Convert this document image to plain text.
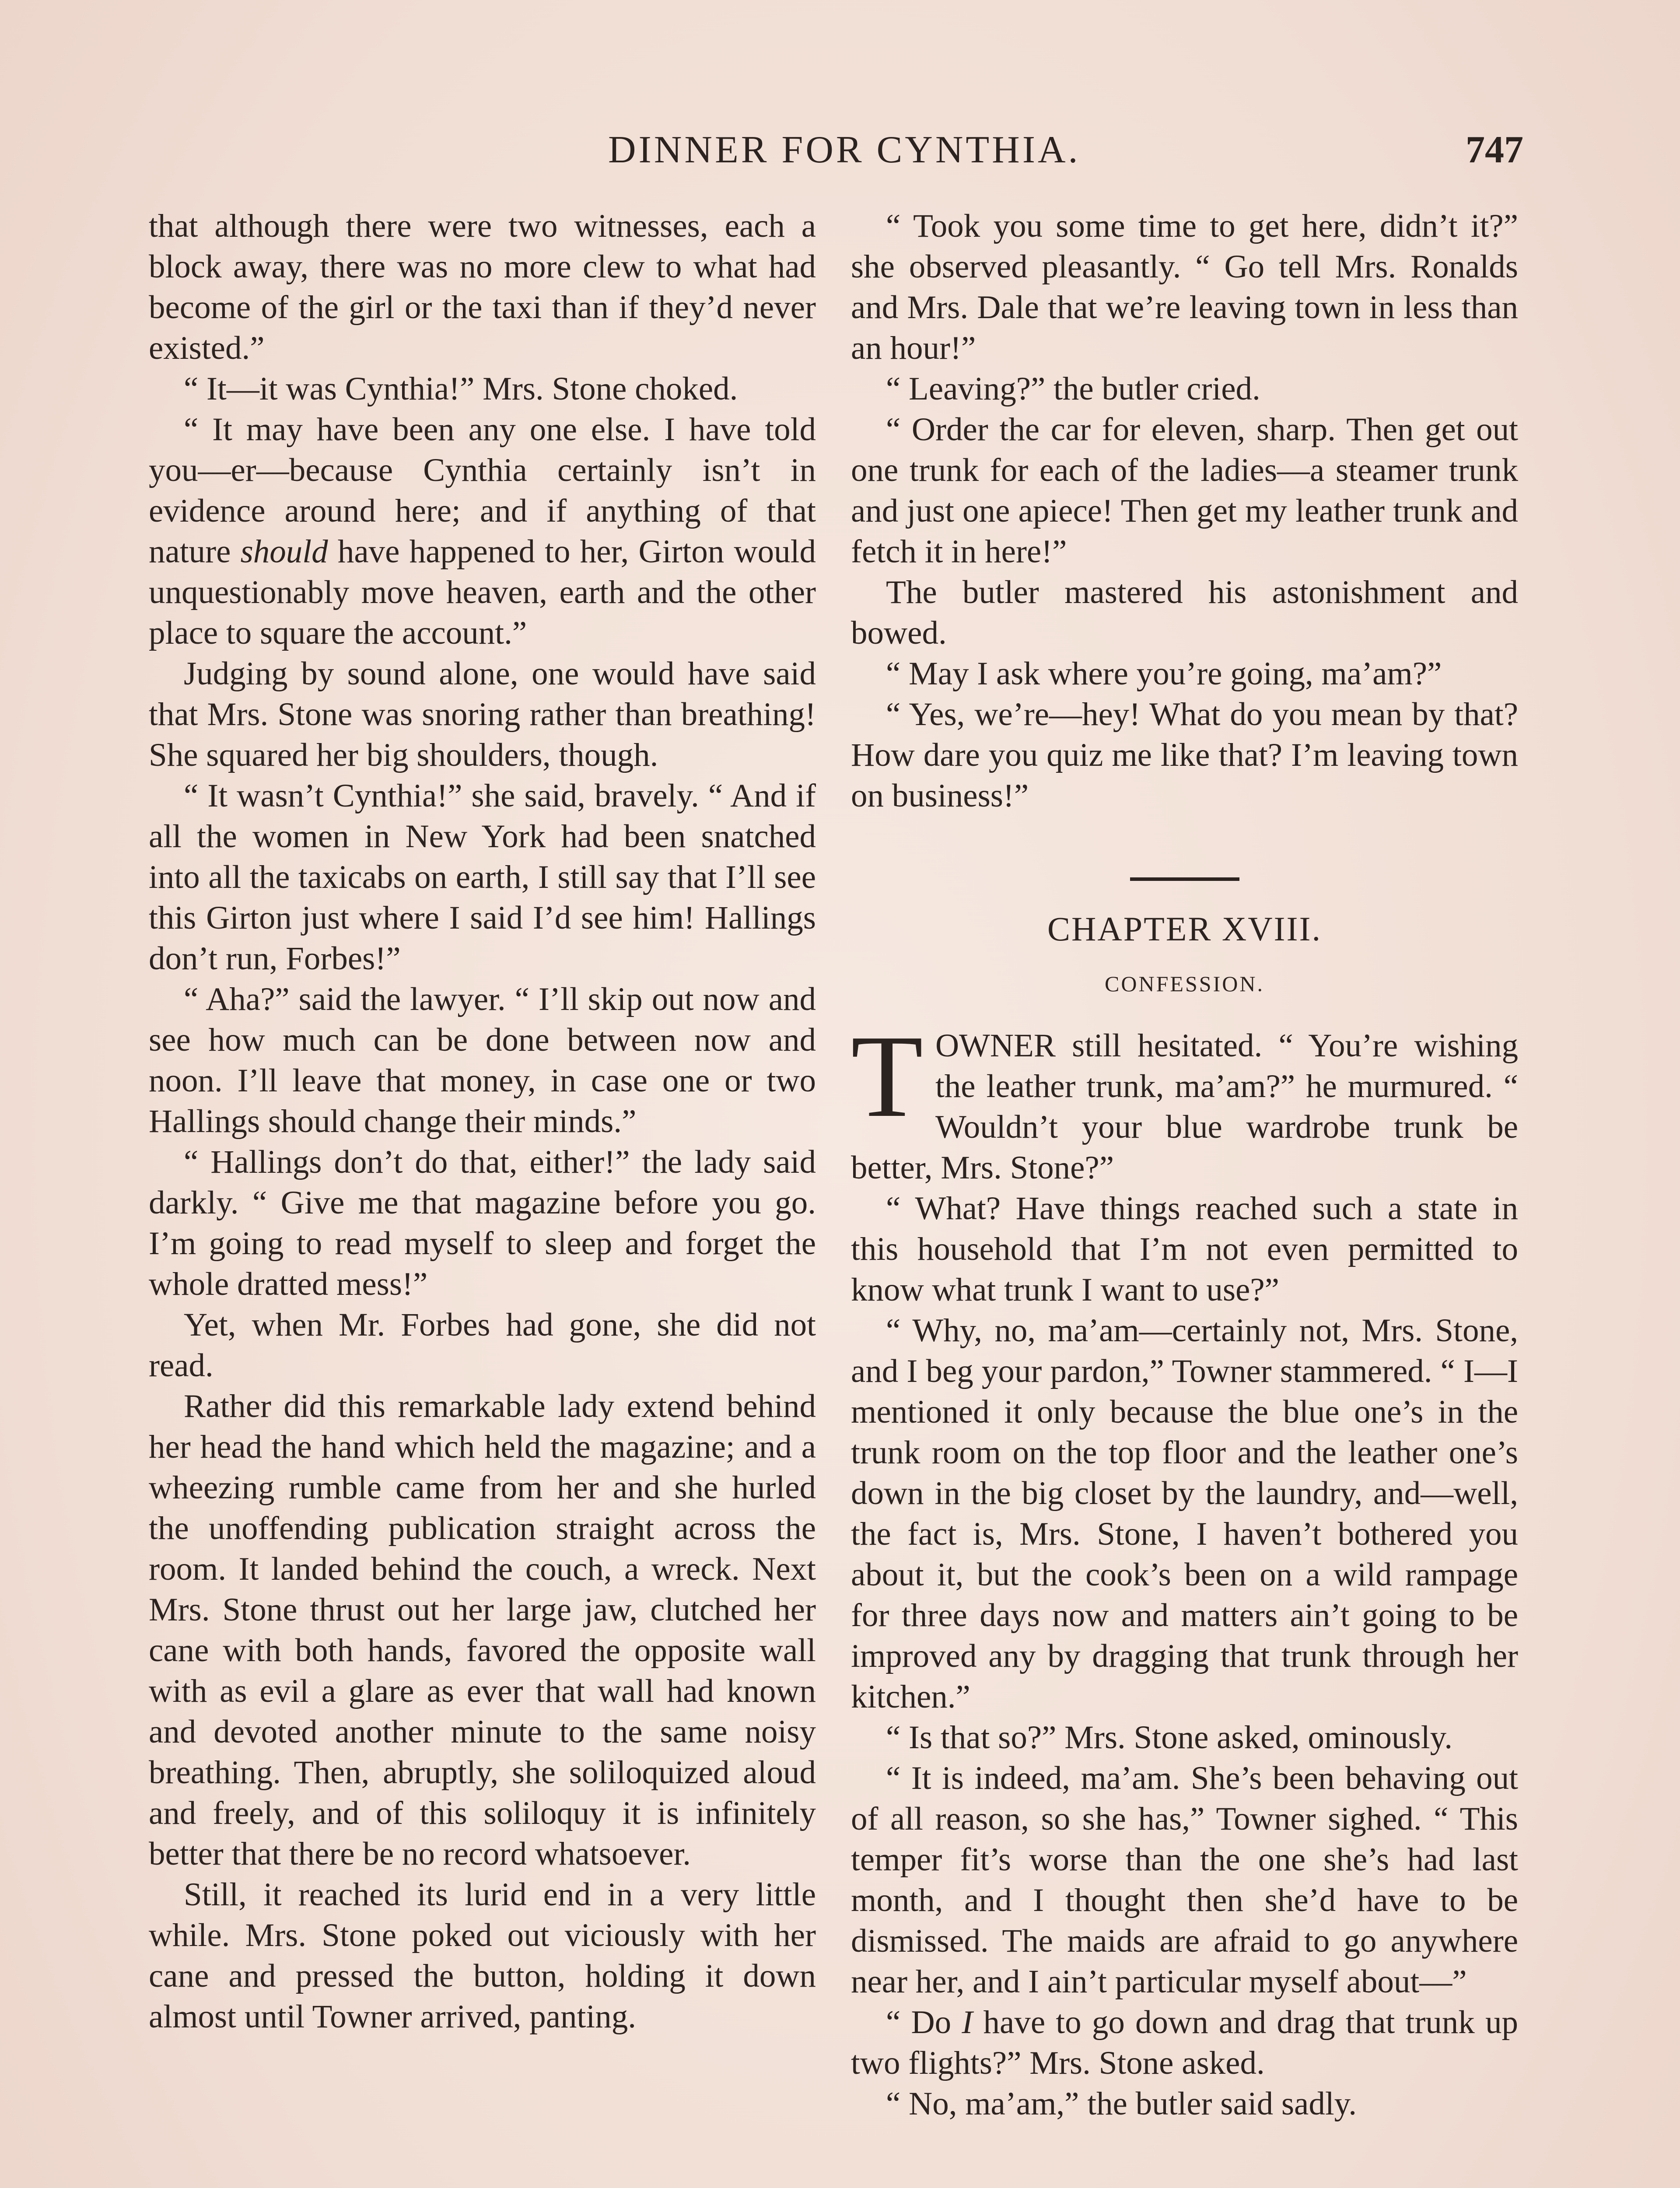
DINNER FOR CYNTHIA.	747

that although there were two witnesses, each a block away, there was no more clew to what had become of the girl or the taxi than if they’d never existed.”

“ It—it was Cynthia!” Mrs. Stone choked.

“ It may have been any one else. I have told you—er—because Cynthia certainly isn’t in evidence around here; and if anything of that nature should have happened to her, Girton would unquestionably move heaven, earth and the other place to square the account.”

Judging by sound alone, one would have said that Mrs. Stone was snoring rather than breathing! She squared her big shoulders, though.

“ It wasn’t Cynthia!” she said, bravely. “ And if all the women in New York had been snatched into all the taxicabs on earth, I still say that I’ll see this Girton just where I said I’d see him! Hallings don’t run, Forbes!”

“ Aha?” said the lawyer. “ I’ll skip out now and see how much can be done between now and noon. I’ll leave that money, in case one or two Hallings should change their minds.”

“ Hallings don’t do that, either!” the lady said darkly. “ Give me that magazine before you go. I’m going to read myself to sleep and forget the whole dratted mess!”

Yet, when Mr. Forbes had gone, she did not read.

Rather did this remarkable lady extend behind her head the hand which held the magazine; and a wheezing rumble came from her and she hurled the unoffending publication straight across the room. It landed behind the couch, a wreck. Next Mrs. Stone thrust out her large jaw, clutched her cane with both hands, favored the opposite wall with as evil a glare as ever that wall had known and devoted another minute to the same noisy breathing. Then, abruptly, she soliloquized aloud and freely, and of this soliloquy it is infinitely better that there be no record whatsoever.

Still, it reached its lurid end in a very little while. Mrs. Stone poked out viciously with her cane and pressed the button, holding it down almost until Towner arrived, panting.

“ Took you some time to get here, didn’t it?” she observed pleasantly. “ Go tell Mrs. Ronalds and Mrs. Dale that we’re leaving town in less than an hour!”

“ Leaving?” the butler cried.

“ Order the car for eleven, sharp. Then get out one trunk for each of the ladies—a steamer trunk and just one apiece! Then get my leather trunk and fetch it in here!”

The butler mastered his astonishment and bowed.

“ May I ask where you’re going, ma’am?”

“ Yes, we’re—hey! What do you mean by that? How dare you quiz me like that? I’m leaving town on business!”

CHAPTER XVIII.

CONFESSION.

TOWNER still hesitated. “ You’re wishing the leather trunk, ma’am?” he murmured. “ Wouldn’t your blue wardrobe trunk be better, Mrs. Stone?”

“ What? Have things reached such a state in this household that I’m not even permitted to know what trunk I want to use?”

“ Why, no, ma’am—certainly not, Mrs. Stone, and I beg your pardon,” Towner stammered. “ I—I mentioned it only because the blue one’s in the trunk room on the top floor and the leather one’s down in the big closet by the laundry, and—well, the fact is, Mrs. Stone, I haven’t bothered you about it, but the cook’s been on a wild rampage for three days now and matters ain’t going to be improved any by dragging that trunk through her kitchen.”

“ Is that so?” Mrs. Stone asked, ominously.

“ It is indeed, ma’am. She’s been behaving out of all reason, so she has,” Towner sighed. “ This temper fit’s worse than the one she’s had last month, and I thought then she’d have to be dismissed. The maids are afraid to go anywhere near her, and I ain’t particular myself about—”

“ Do I have to go down and drag that trunk up two flights?” Mrs. Stone asked.

“ No, ma’am,” the butler said sadly.
